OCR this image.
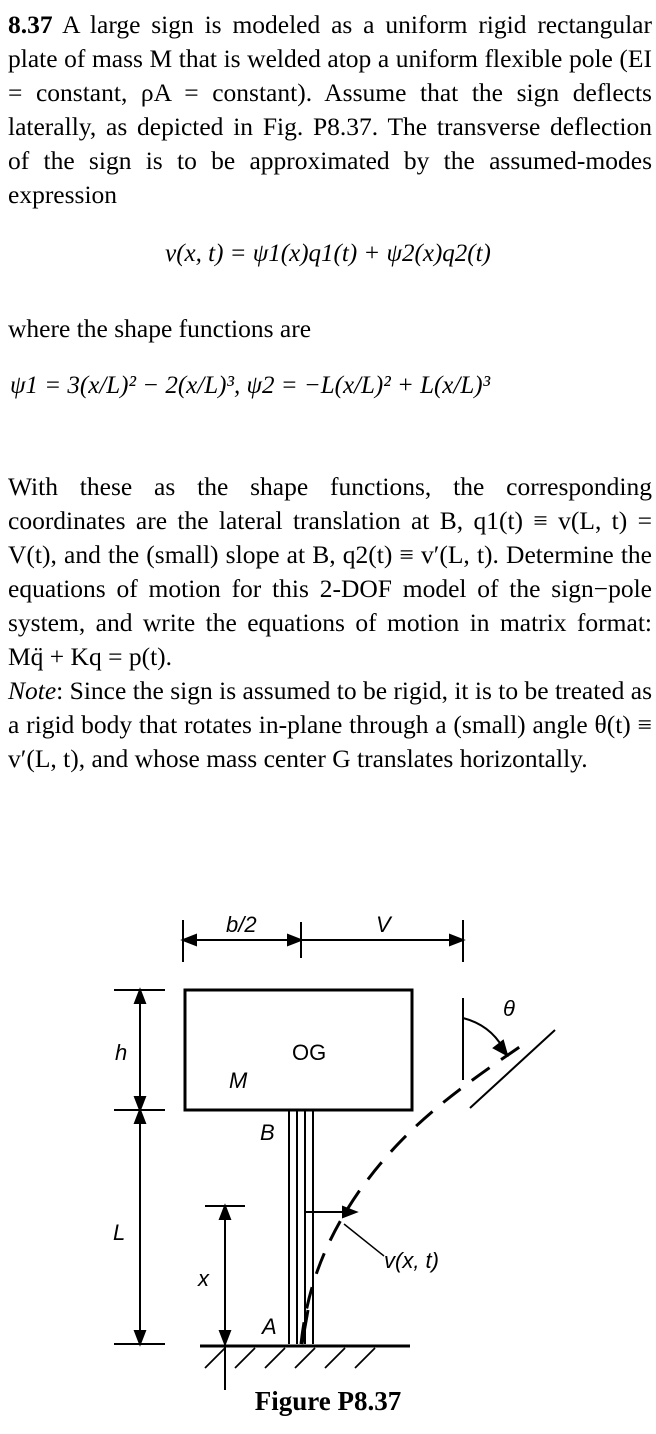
8.37 A large sign is modeled as a uniform rigid rectangular plate of mass M that is welded atop a uniform flexible pole (EI = constant, ρA = constant). Assume that the sign deflects laterally, as depicted in Fig. P8.37. The transverse deflection of the sign is to be approximated by the assumed-modes expression

v(x, t) = ψ1(x)q1(t) + ψ2(x)q2(t)

where the shape functions are

ψ1 = 3(x/L)² − 2(x/L)³, ψ2 = −L(x/L)² + L(x/L)³

With these as the shape functions, the corresponding coordinates are the lateral translation at B, q1(t) ≡ v(L, t) = V(t), and the (small) slope at B, q2(t) ≡ v′(L, t). Determine the equations of motion for this 2-DOF model of the sign−pole system, and write the equations of motion in matrix format: Mq̈ + Kq = p(t).

Note: Since the sign is assumed to be rigid, it is to be treated as a rigid body that rotates in-plane through a (small) angle θ(t) ≡ v′(L, t), and whose mass center G translates horizontally.

b/2	V
h
M
OG
θ
B
L
x
A
v(x, t)
Figure P8.37
